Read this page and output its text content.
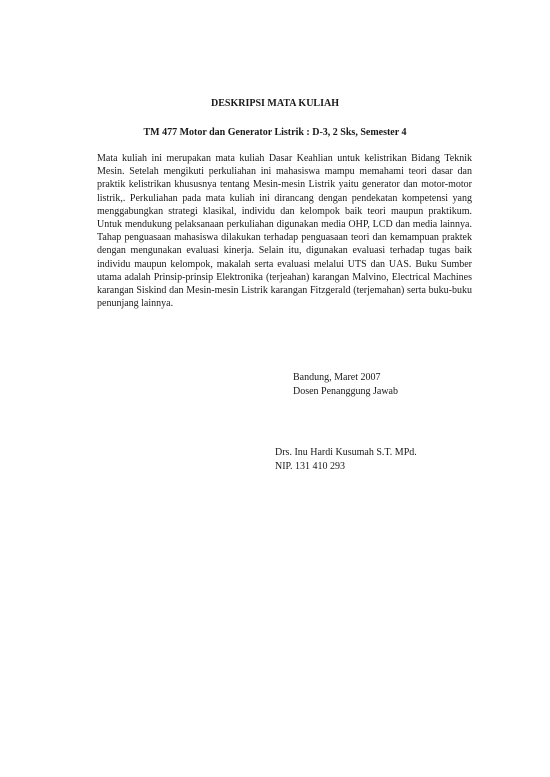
DESKRIPSI MATA KULIAH
TM 477 Motor dan Generator Listrik : D-3, 2 Sks, Semester 4
Mata kuliah ini merupakan mata kuliah Dasar Keahlian untuk kelistrikan Bidang Teknik Mesin. Setelah mengikuti perkuliahan ini mahasiswa mampu memahami teori dasar dan praktik kelistrikan khususnya tentang Mesin-mesin Listrik yaitu generator dan motor-motor listrik,. Perkuliahan pada mata kuliah ini dirancang dengan pendekatan kompetensi yang menggabungkan strategi klasikal, individu dan kelompok baik teori maupun praktikum. Untuk mendukung pelaksanaan perkuliahan digunakan media OHP, LCD dan media lainnya. Tahap penguasaan mahasiswa dilakukan terhadap penguasaan teori dan kemampuan praktek dengan mengunakan evaluasi kinerja. Selain itu, digunakan evaluasi terhadap tugas baik individu maupun kelompok, makalah serta evaluasi melalui UTS dan UAS. Buku Sumber utama adalah Prinsip-prinsip Elektronika (terjeahan) karangan Malvino, Electrical Machines karangan Siskind dan Mesin-mesin Listrik karangan Fitzgerald (terjemahan) serta buku-buku penunjang lainnya.
Bandung, Maret 2007
Dosen Penanggung Jawab
Drs. Inu Hardi Kusumah S.T. MPd.
NIP. 131 410 293
